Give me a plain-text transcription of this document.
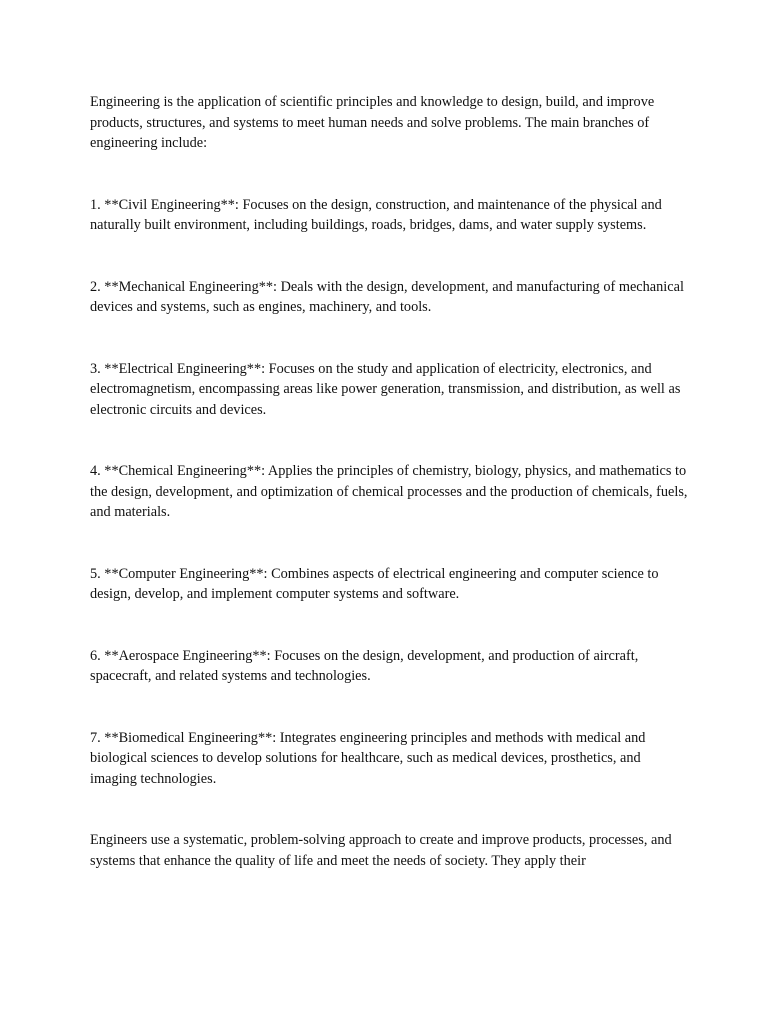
Engineering is the application of scientific principles and knowledge to design, build, and improve products, structures, and systems to meet human needs and solve problems. The main branches of engineering include:

1. **Civil Engineering**: Focuses on the design, construction, and maintenance of the physical and naturally built environment, including buildings, roads, bridges, dams, and water supply systems.

2. **Mechanical Engineering**: Deals with the design, development, and manufacturing of mechanical devices and systems, such as engines, machinery, and tools.

3. **Electrical Engineering**: Focuses on the study and application of electricity, electronics, and electromagnetism, encompassing areas like power generation, transmission, and distribution, as well as electronic circuits and devices.

4. **Chemical Engineering**: Applies the principles of chemistry, biology, physics, and mathematics to the design, development, and optimization of chemical processes and the production of chemicals, fuels, and materials.

5. **Computer Engineering**: Combines aspects of electrical engineering and computer science to design, develop, and implement computer systems and software.

6. **Aerospace Engineering**: Focuses on the design, development, and production of aircraft, spacecraft, and related systems and technologies.

7. **Biomedical Engineering**: Integrates engineering principles and methods with medical and biological sciences to develop solutions for healthcare, such as medical devices, prosthetics, and imaging technologies.

Engineers use a systematic, problem-solving approach to create and improve products, processes, and systems that enhance the quality of life and meet the needs of society. They apply their
